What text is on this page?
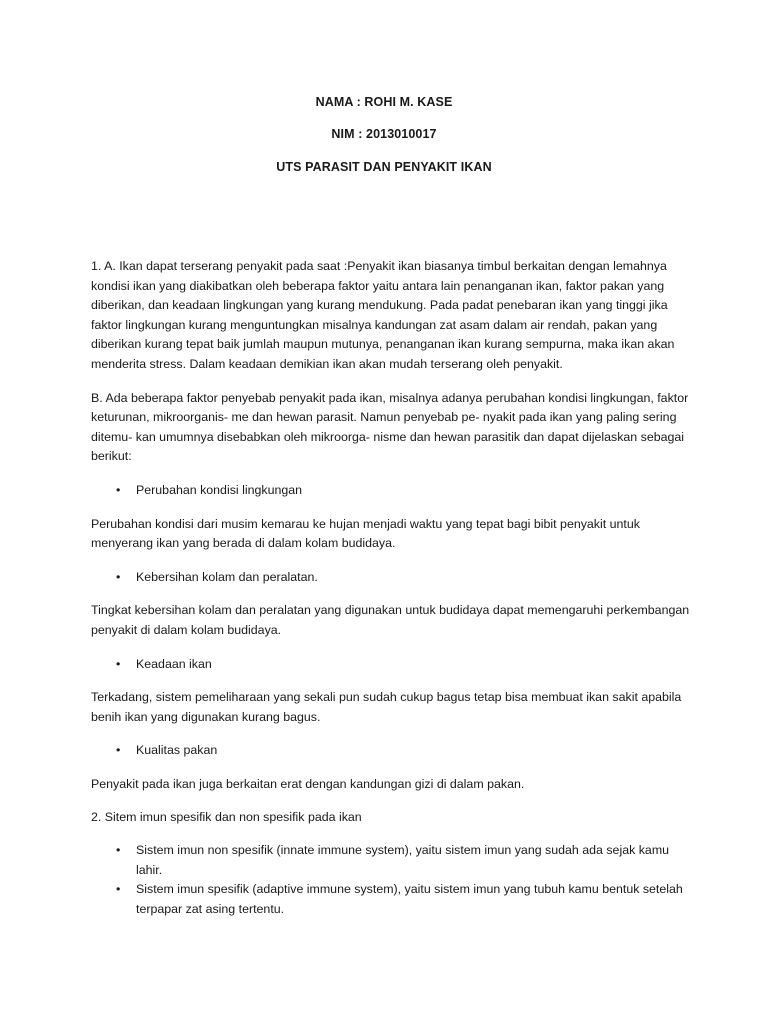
NAMA : ROHI M. KASE
NIM : 2013010017
UTS PARASIT DAN PENYAKIT IKAN

1. A. Ikan dapat terserang penyakit pada saat :Penyakit ikan biasanya timbul berkaitan dengan lemahnya kondisi ikan yang diakibatkan oleh beberapa faktor yaitu antara lain penanganan ikan, faktor pakan yang diberikan, dan keadaan lingkungan yang kurang mendukung. Pada padat penebaran ikan yang tinggi jika faktor lingkungan kurang menguntungkan misalnya kandungan zat asam dalam air rendah, pakan yang diberikan kurang tepat baik jumlah maupun mutunya, penanganan ikan kurang sempurna, maka ikan akan menderita stress. Dalam keadaan demikian ikan akan mudah terserang oleh penyakit.

B. Ada beberapa faktor penyebab penyakit pada ikan, misalnya adanya perubahan kondisi lingkungan, faktor keturunan, mikroorganis- me dan hewan parasit. Namun penyebab pe- nyakit pada ikan yang paling sering ditemu- kan umumnya disebabkan oleh mikroorga- nisme dan hewan parasitik dan dapat dijelaskan sebagai berikut:

• Perubahan kondisi lingkungan

Perubahan kondisi dari musim kemarau ke hujan menjadi waktu yang tepat bagi bibit penyakit untuk menyerang ikan yang berada di dalam kolam budidaya.

• Kebersihan kolam dan peralatan.

Tingkat kebersihan kolam dan peralatan yang digunakan untuk budidaya dapat memengaruhi perkembangan penyakit di dalam kolam budidaya.

• Keadaan ikan

Terkadang, sistem pemeliharaan yang sekali pun sudah cukup bagus tetap bisa membuat ikan sakit apabila benih ikan yang digunakan kurang bagus.

• Kualitas pakan

Penyakit pada ikan juga berkaitan erat dengan kandungan gizi di dalam pakan.

2. Sitem imun spesifik dan non spesifik pada ikan

• Sistem imun non spesifik (innate immune system), yaitu sistem imun yang sudah ada sejak kamu lahir.
• Sistem imun spesifik (adaptive immune system), yaitu sistem imun yang tubuh kamu bentuk setelah terpapar zat asing tertentu.
